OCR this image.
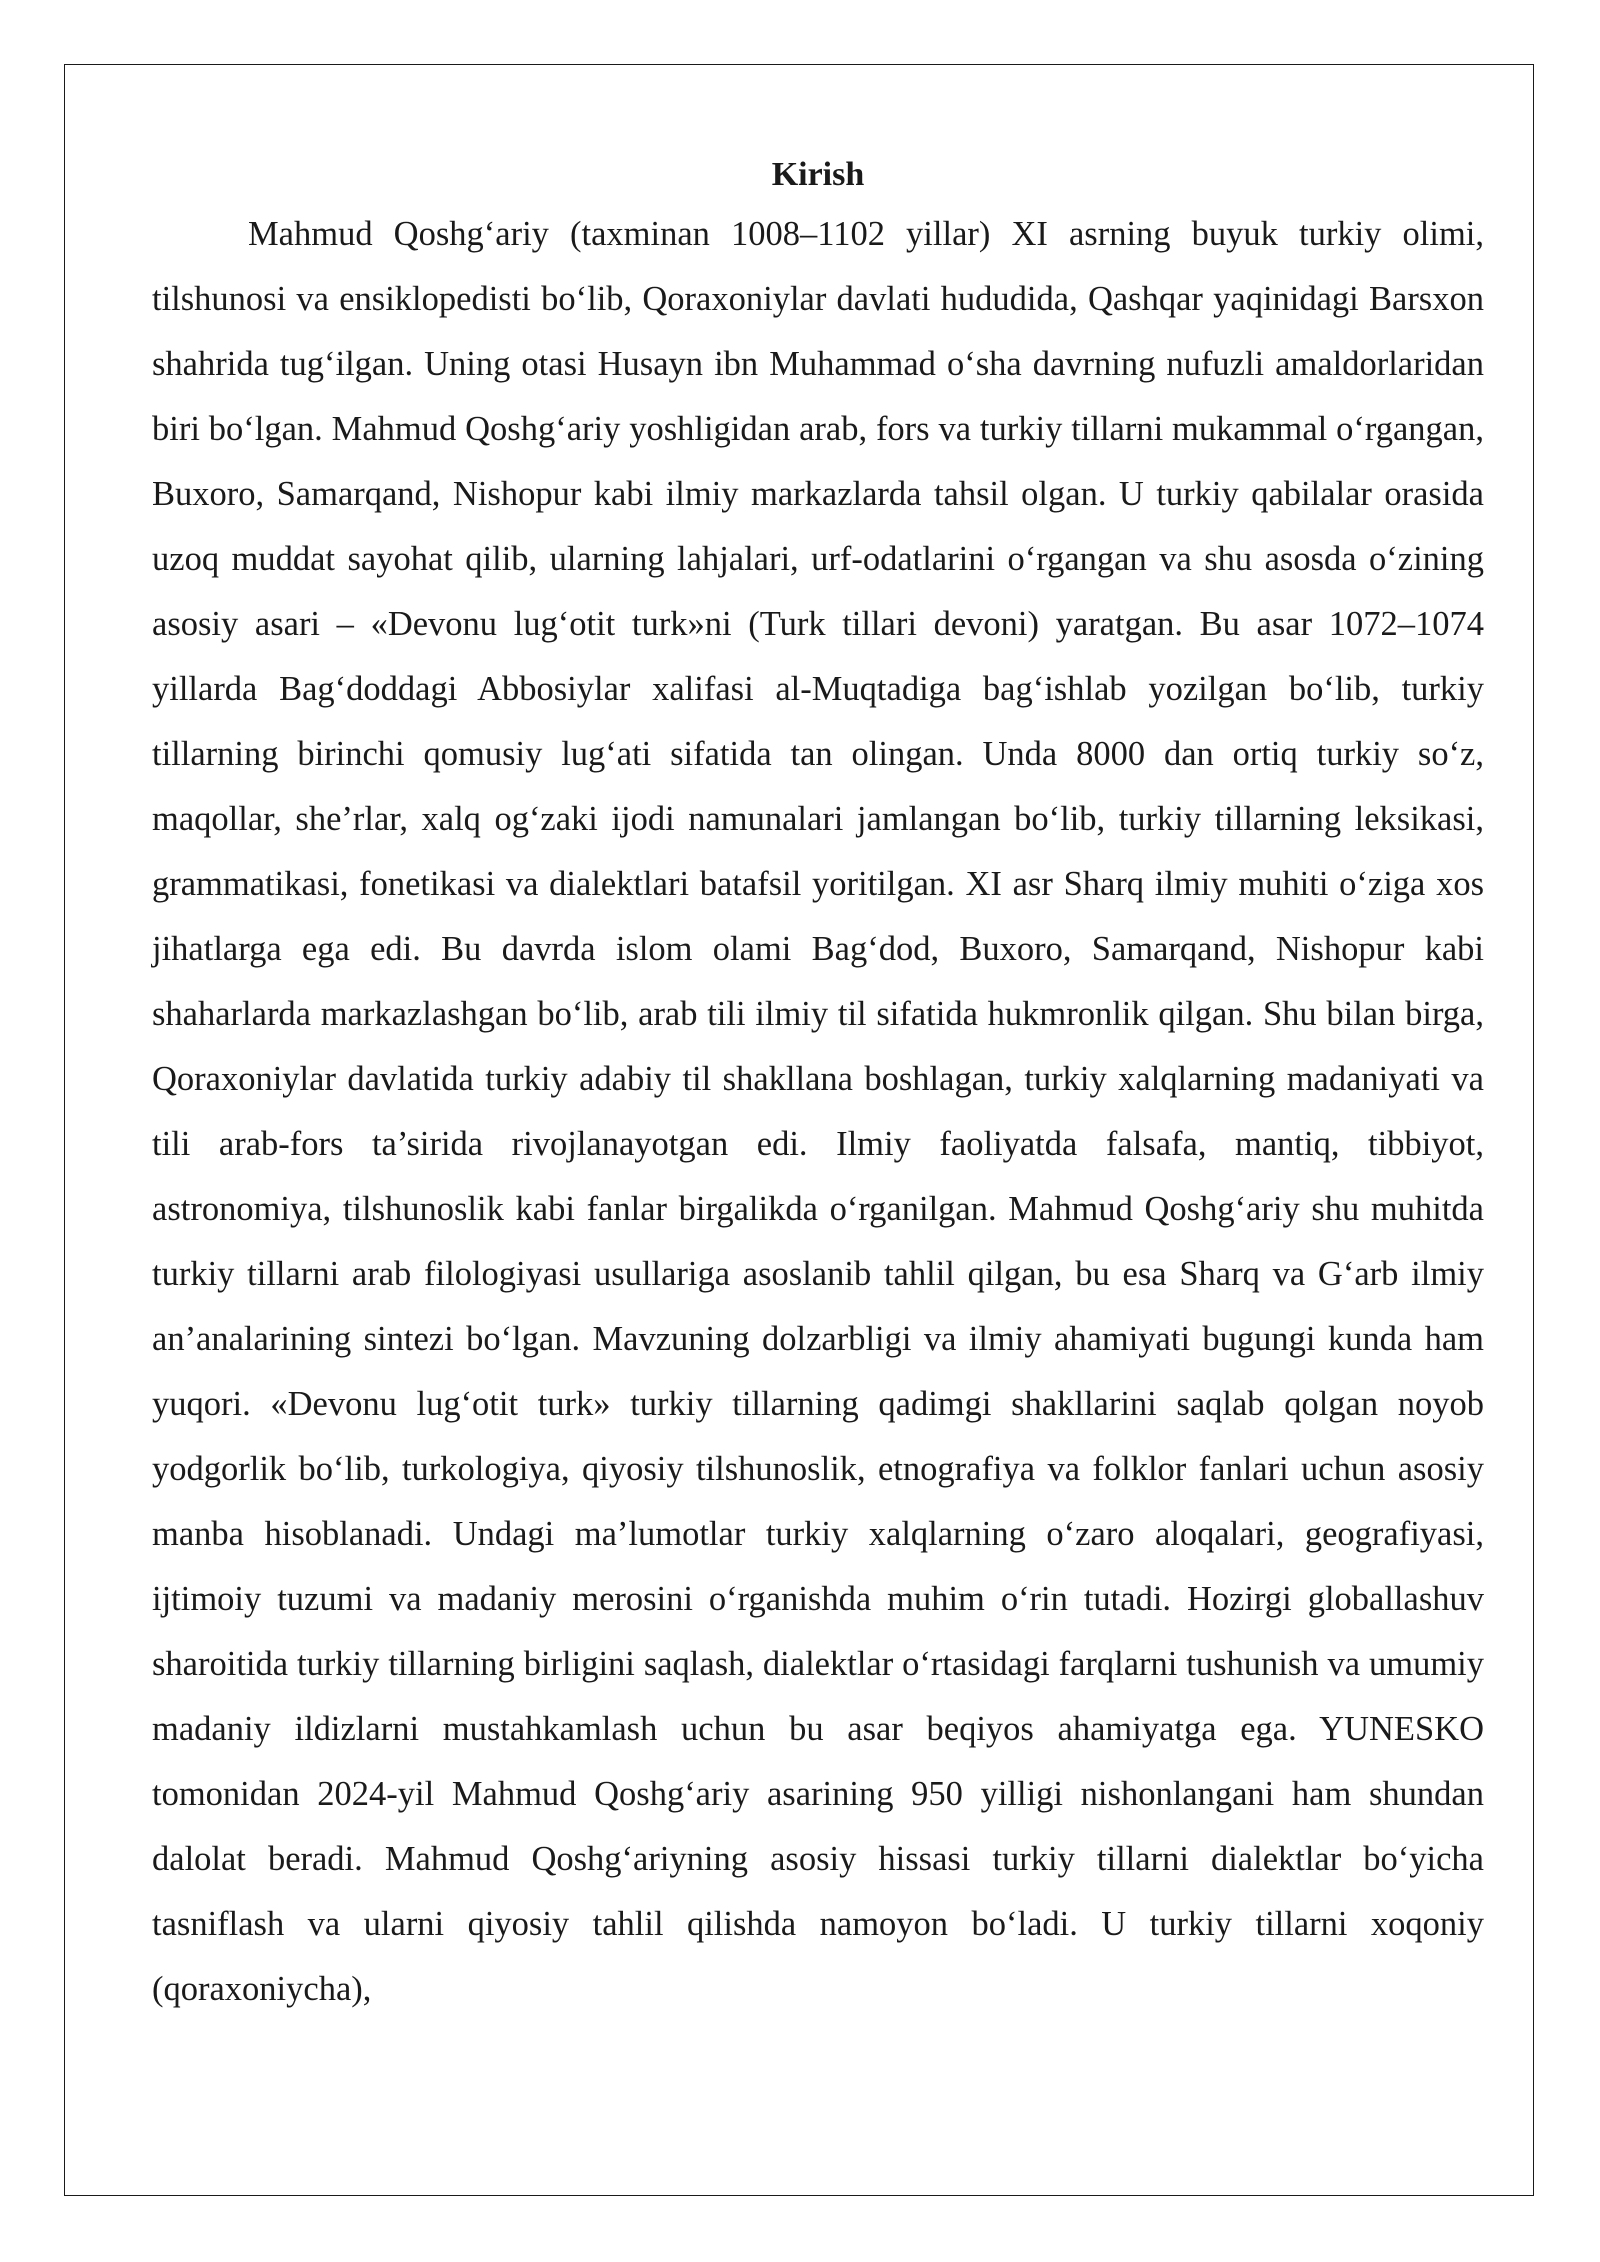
Kirish

Mahmud Qoshg‘ariy (taxminan 1008–1102 yillar) XI asrning buyuk turkiy olimi, tilshunosi va ensiklopedisti bo‘lib, Qoraxoniylar davlati hududida, Qashqar yaqinidagi Barsxon shahrida tug‘ilgan. Uning otasi Husayn ibn Muhammad o‘sha davrning nufuzli amaldorlaridan biri bo‘lgan. Mahmud Qoshg‘ariy yoshligidan arab, fors va turkiy tillarni mukammal o‘rgangan, Buxoro, Samarqand, Nishopur kabi ilmiy markazlarda tahsil olgan. U turkiy qabilalar orasida uzoq muddat sayohat qilib, ularning lahjalari, urf-odatlarini o‘rgangan va shu asosda o‘zining asosiy asari – «Devonu lug‘otit turk»ni (Turk tillari devoni) yaratgan. Bu asar 1072–1074 yillarda Bag‘doddagi Abbosiylar xalifasi al-Muqtadiga bag‘ishlab yozilgan bo‘lib, turkiy tillarning birinchi qomusiy lug‘ati sifatida tan olingan. Unda 8000 dan ortiq turkiy so‘z, maqollar, she’rlar, xalq og‘zaki ijodi namunalari jamlangan bo‘lib, turkiy tillarning leksikasi, grammatikasi, fonetikasi va dialektlari batafsil yoritilgan. XI asr Sharq ilmiy muhiti o‘ziga xos jihatlarga ega edi. Bu davrda islom olami Bag‘dod, Buxoro, Samarqand, Nishopur kabi shaharlarda markazlashgan bo‘lib, arab tili ilmiy til sifatida hukmronlik qilgan. Shu bilan birga, Qoraxoniylar davlatida turkiy adabiy til shakllana boshlagan, turkiy xalqlarning madaniyati va tili arab-fors ta’sirida rivojlanayotgan edi. Ilmiy faoliyatda falsafa, mantiq, tibbiyot, astronomiya, tilshunoslik kabi fanlar birgalikda o‘rganilgan. Mahmud Qoshg‘ariy shu muhitda turkiy tillarni arab filologiyasi usullariga asoslanib tahlil qilgan, bu esa Sharq va G‘arb ilmiy an’analarining sintezi bo‘lgan. Mavzuning dolzarbligi va ilmiy ahamiyati bugungi kunda ham yuqori. «Devonu lug‘otit turk» turkiy tillarning qadimgi shakllarini saqlab qolgan noyob yodgorlik bo‘lib, turkologiya, qiyosiy tilshunoslik, etnografiya va folklor fanlari uchun asosiy manba hisoblanadi. Undagi ma’lumotlar turkiy xalqlarning o‘zaro aloqalari, geografiyasi, ijtimoiy tuzumi va madaniy merosini o‘rganishda muhim o‘rin tutadi. Hozirgi globallashuv sharoitida turkiy tillarning birligini saqlash, dialektlar o‘rtasidagi farqlarni tushunish va umumiy madaniy ildizlarni mustahkamlash uchun bu asar beqiyos ahamiyatga ega. YUNESKO tomonidan 2024-yil Mahmud Qoshg‘ariy asarining 950 yilligi nishonlangani ham shundan dalolat beradi. Mahmud Qoshg‘ariyning asosiy hissasi turkiy tillarni dialektlar bo‘yicha tasniflash va ularni qiyosiy tahlil qilishda namoyon bo‘ladi. U turkiy tillarni xoqoniy (qoraxoniycha),
